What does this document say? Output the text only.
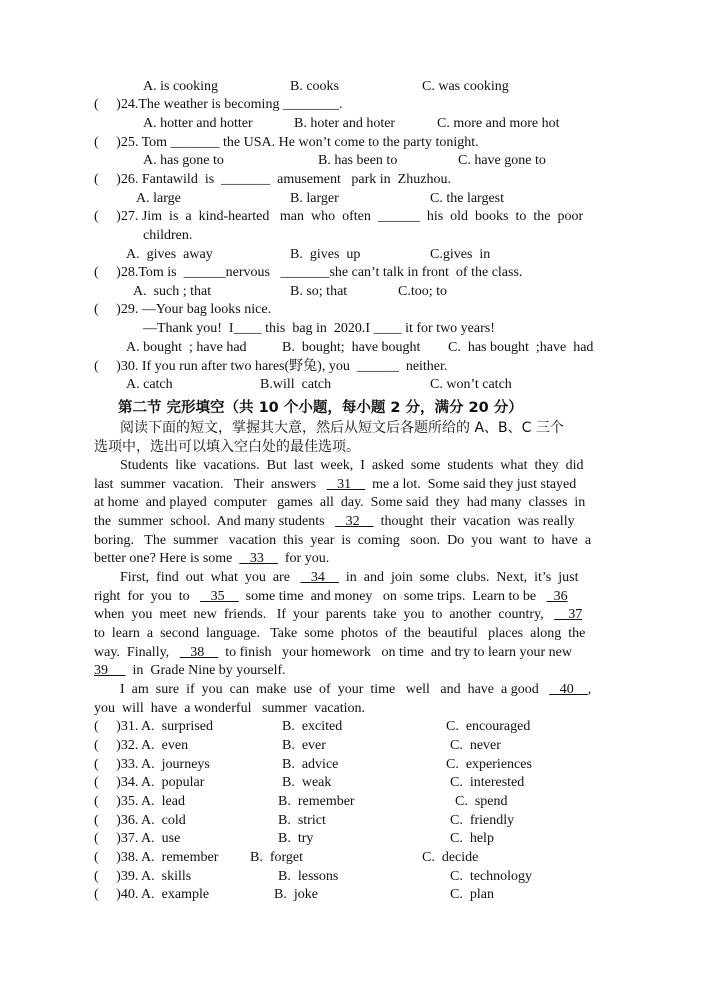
A. is cooking	B. cooks	C. was cooking
(     )24.The weather is becoming ________.
A. hotter and hotter	B. hoter and hoter	C. more and more hot
(     )25. Tom _______ the USA. He won’t come to the party tonight.
A. has gone to	B. has been to	C. have gone to
(     )26. Fantawild  is  _______  amusement   park in  Zhuzhou.
A. large	B. larger	C. the largest
(     )27. Jim  is  a  kind-hearted   man  who  often  ______  his  old  books  to  the  poor
children.
A.  gives  away	B.  gives  up	C.gives  in
(     )28.Tom is  ______nervous   _______she can’t talk in front  of the class.
A.  such ; that	B. so; that	C.too; to
(     )29. —Your bag looks nice.
—Thank you!  I____ this  bag in  2020.I ____ it for two years!
A. bought  ; have had	B.  bought;  have bought C.  has bought  ;have  had
(     )30. If you run after two hares(野兔), you  ______  neither.
A. catch	B.will  catch	C. won’t catch
第二节 完形填空（共 10 个小题，每小题 2 分，满分 20 分）
阅读下面的短文，掌握其大意，然后从短文后各题所给的 A、B、C 三个
选项中，选出可以填入空白处的最佳选项。
Students  like  vacations.  But  last  week,  I  asked  some  students  what  they  did
last  summer  vacation.   Their  answers      31      me a lot.  Some said they just stayed
at home  and played  computer   games  all  day.  Some said  they  had many  classes  in
the  summer  school.  And many students      32      thought  their  vacation  was really
boring.   The  summer   vacation  this  year  is  coming   soon.  Do  you  want  to  have  a
better one? Here is some     33      for you.
First,  find  out  what  you  are      34      in  and  join  some  clubs.  Next,  it’s  just
right  for  you  to      35      some time  and money   on  some trips.  Learn to be     36
when  you  meet  new  friends.   If  your  parents  take  you  to  another  country,       37
to  learn  a  second  language.   Take  some  photos  of  the  beautiful   places  along  the
way.  Finally,      38      to finish   your homework   on time  and try to learn your new
39       in  Grade Nine by yourself.
I  am  sure  if  you  can  make  use  of  your  time   well   and  have  a good      40    ,
you  will  have  a wonderful   summer  vacation.
(     )31. A.  surprised	B.  excited	C.  encouraged
(     )32. A.  even	B.  ever	C.  never
(     )33. A.  journeys	B.  advice	C.  experiences
(     )34. A.  popular	B.  weak	C.  interested
(     )35. A.  lead	B.  remember	C.  spend
(     )36. A.  cold	B.  strict	C.  friendly
(     )37. A.  use	B.  try	C.  help
(     )38. A.  remember B.  forget	C.  decide
(     )39. A.  skills	B.  lessons	C.  technology
(     )40. A.  example	B.  joke	C.  plan
